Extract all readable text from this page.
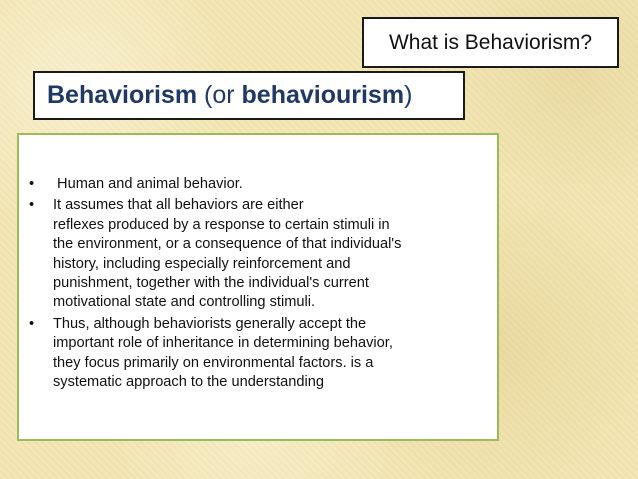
What is Behaviorism?
Behaviorism (or behaviourism )
• Human and animal behavior.
• It assumes that all behaviors are either
reflexes produced by a response to certain stimuli in
the environment, or a consequence of that individual's
history, including especially reinforcement and
punishment, together with the individual's current
motivational state and controlling stimuli.
• Thus, although behaviorists generally accept the
important role of inheritance in determining behavior,
they focus primarily on environmental factors. is a
systematic approach to the understanding
